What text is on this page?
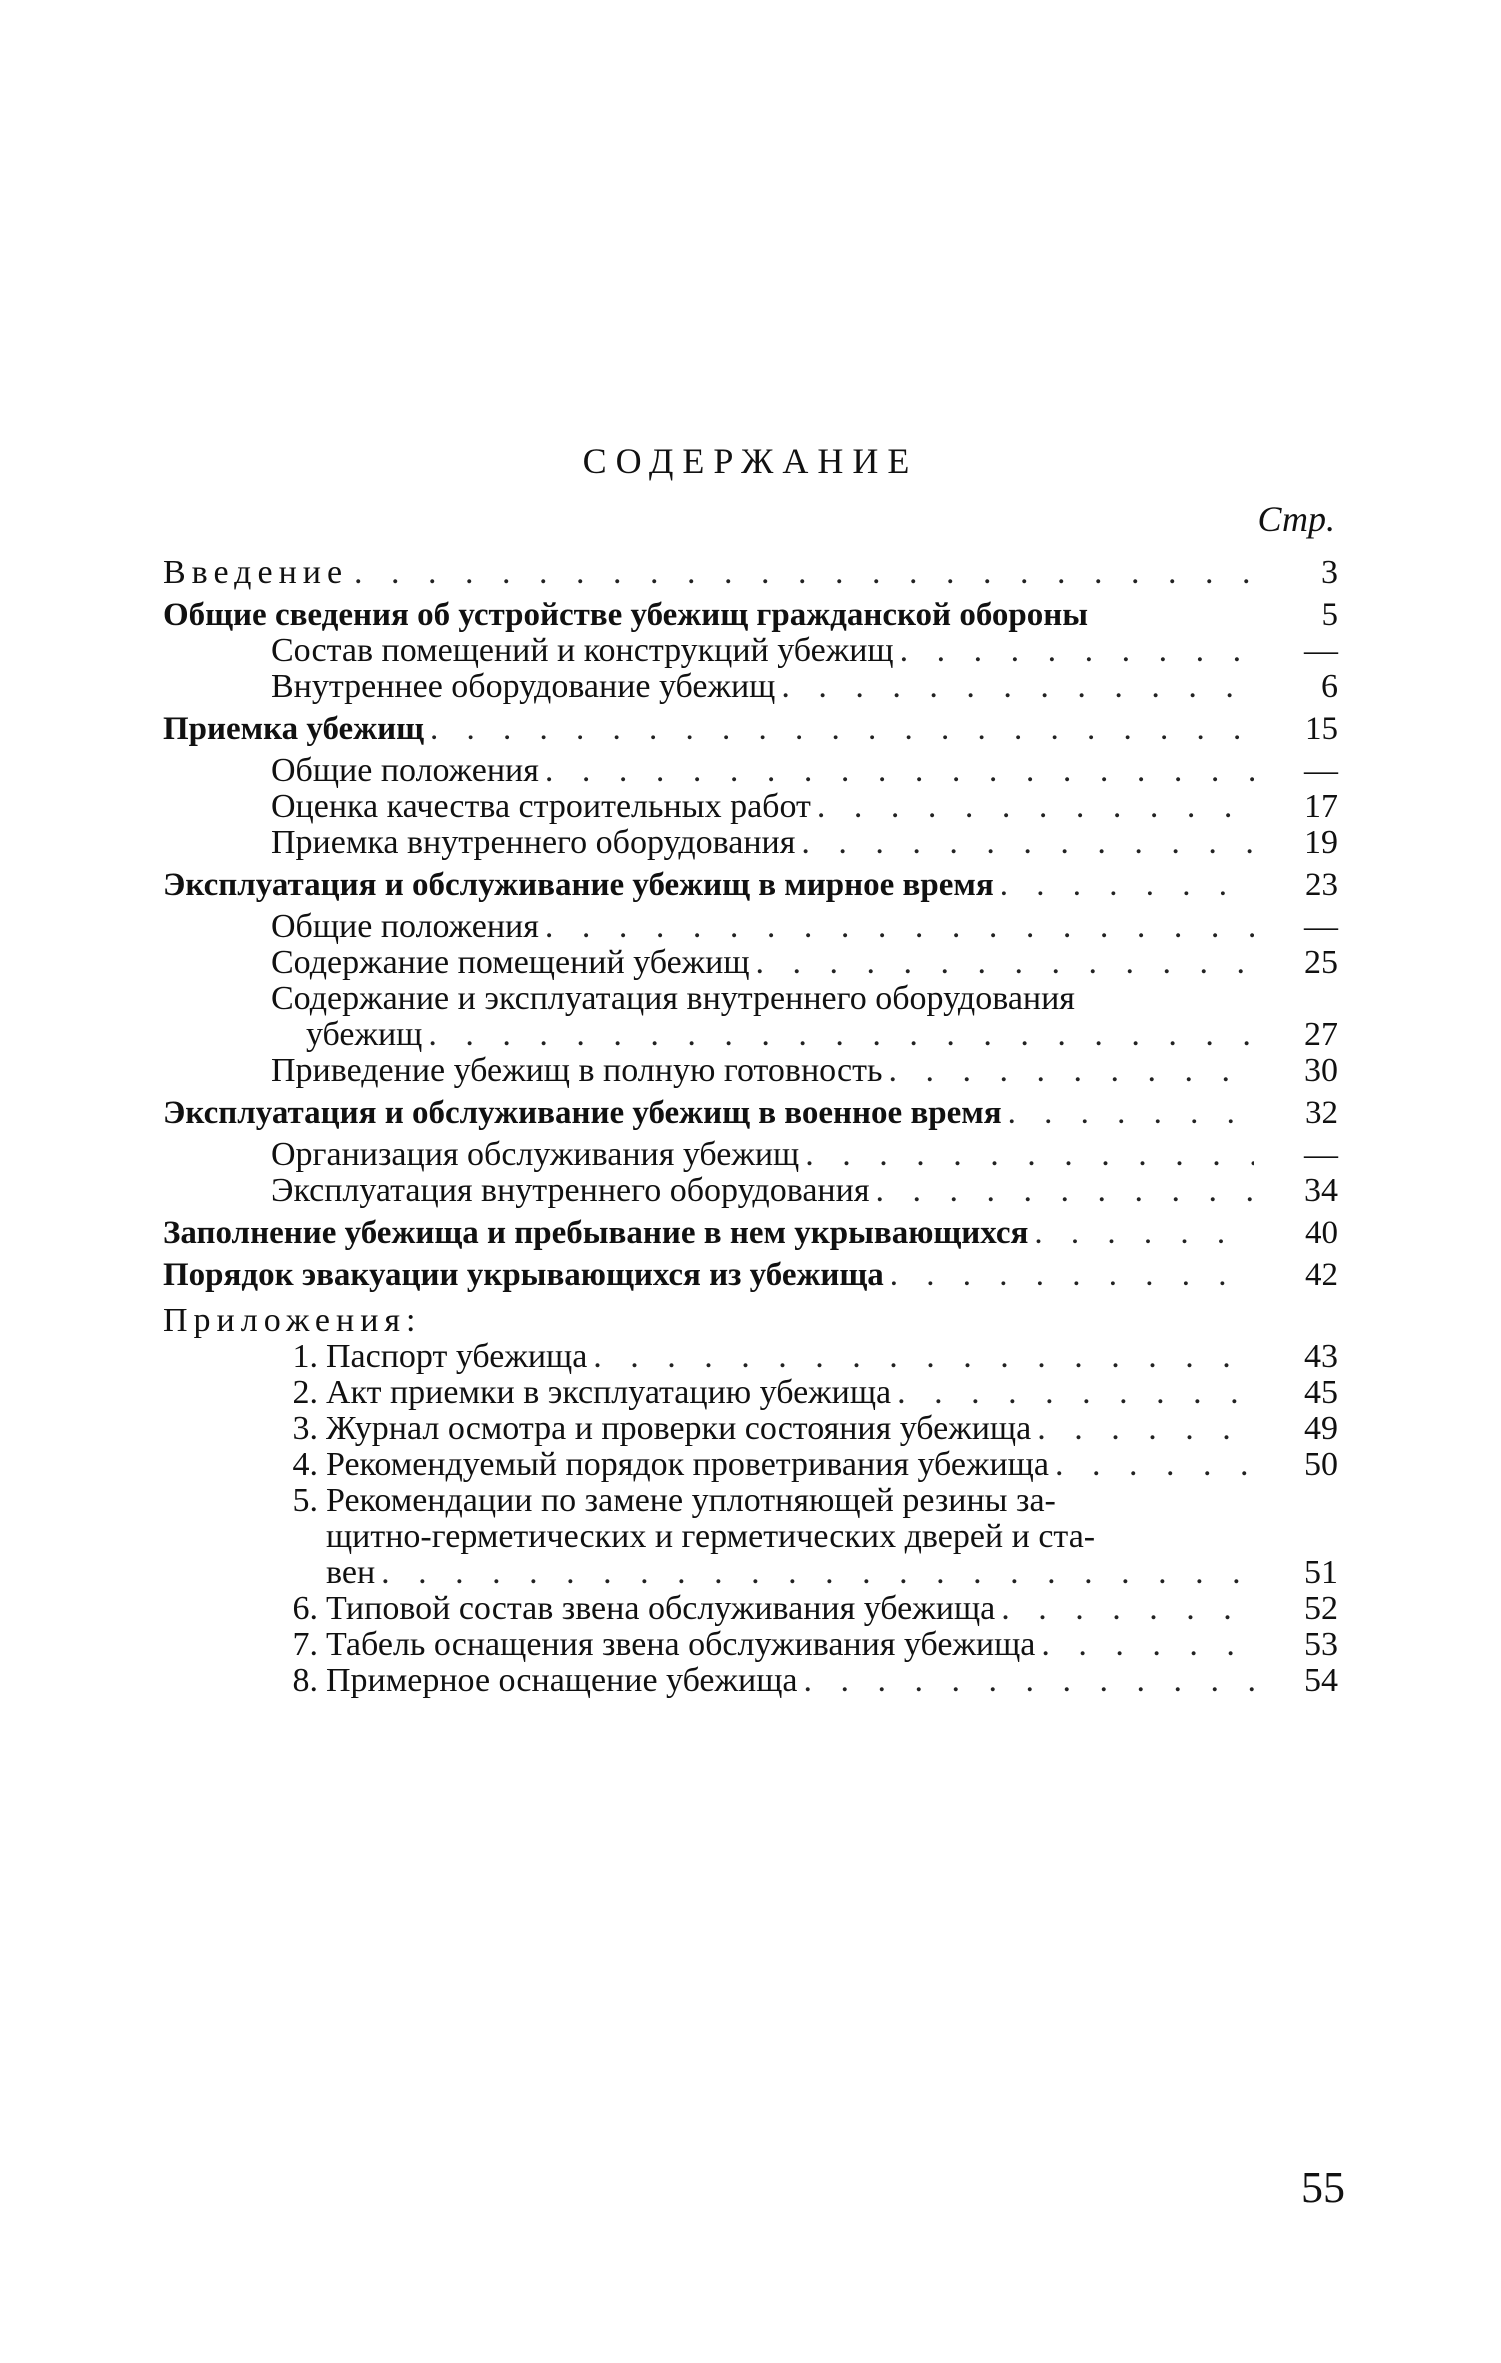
СОДЕРЖАНИЕ
Стр.
Введение . . .	3
Общие сведения об устройстве убежищ гражданской обороны	5
Состав помещений и конструкций убежищ . . .	—
Внутреннее оборудование убежищ . . .	6
Приемка убежищ . . .	15
Общие положения . . .	—
Оценка качества строительных работ . . .	17
Приемка внутреннего оборудования . . .	19
Эксплуатация и обслуживание убежищ в мирное время . . .	23
Общие положения . . .	—
Содержание помещений убежищ . . .	25
Содержание и эксплуатация внутреннего оборудования
убежищ . . .	27
Приведение убежищ в полную готовность . . .	30
Эксплуатация и обслуживание убежищ в военное время . . .	32
Организация обслуживания убежищ . . .	—
Эксплуатация внутреннего оборудования . . .	34
Заполнение убежища и пребывание в нем укрывающихся . . .	40
Порядок эвакуации укрывающихся из убежища . . .	42
Приложения:
1. Паспорт убежища . . .	43
2. Акт приемки в эксплуатацию убежища . . .	45
3. Журнал осмотра и проверки состояния убежища . . .	49
4. Рекомендуемый порядок проветривания убежища . . .	50
5. Рекомендации по замене уплотняющей резины за-
щитно-герметических и герметических дверей и ста-
вен . . .	51
6. Типовой состав звена обслуживания убежища . . .	52
7. Табель оснащения звена обслуживания убежища . . .	53
8. Примерное оснащение убежища . . .	54
55
